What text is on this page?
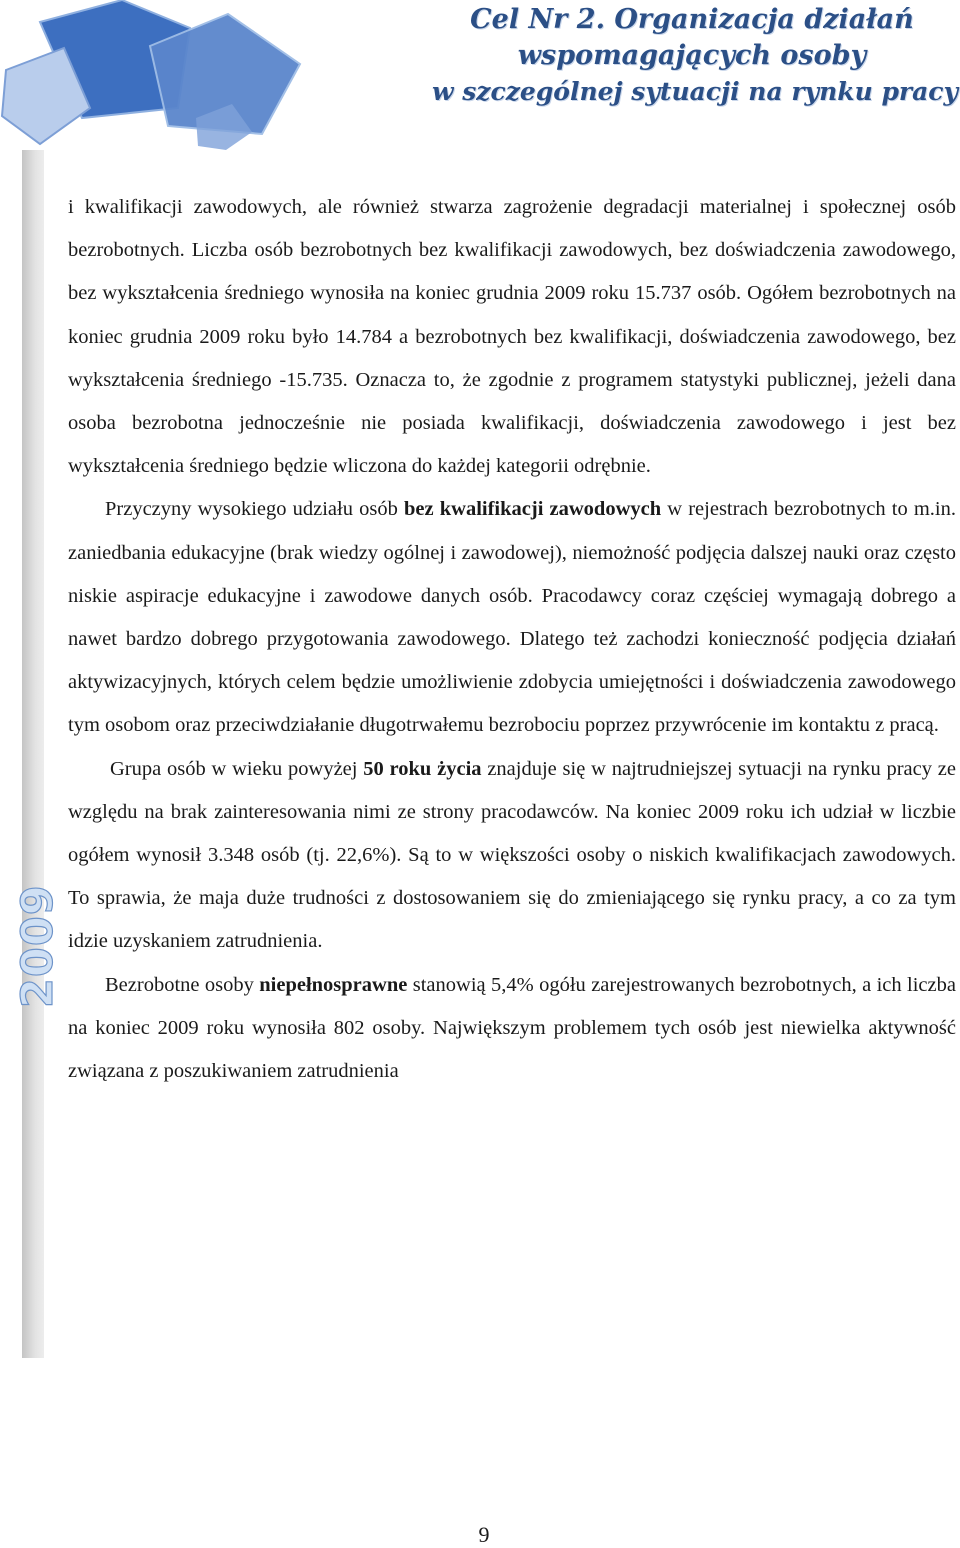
Cel Nr 2. Organizacja działań
wspomagających osoby
w szczególnej sytuacji na rynku pracy
2009

i kwalifikacji zawodowych, ale również stwarza zagrożenie degradacji materialnej i społecznej osób bezrobotnych. Liczba osób bezrobotnych bez kwalifikacji zawodowych, bez doświadczenia zawodowego, bez wykształcenia średniego wynosiła na koniec grudnia 2009 roku 15.737 osób. Ogółem bezrobotnych na koniec grudnia 2009 roku było 14.784 a bezrobotnych bez kwalifikacji, doświadczenia zawodowego, bez wykształcenia średniego -15.735. Oznacza to, że zgodnie z programem statystyki publicznej, jeżeli dana osoba bezrobotna jednocześnie nie posiada kwalifikacji, doświadczenia zawodowego i jest bez wykształcenia średniego będzie wliczona do każdej kategorii odrębnie.

Przyczyny wysokiego udziału osób bez kwalifikacji zawodowych w rejestrach bezrobotnych to m.in. zaniedbania edukacyjne (brak wiedzy ogólnej i zawodowej), niemożność podjęcia dalszej nauki oraz często niskie aspiracje edukacyjne i zawodowe danych osób. Pracodawcy coraz częściej wymagają dobrego a nawet bardzo dobrego przygotowania zawodowego. Dlatego też zachodzi konieczność podjęcia działań aktywizacyjnych, których celem będzie umożliwienie zdobycia umiejętności i doświadczenia zawodowego tym osobom oraz przeciwdziałanie długotrwałemu bezrobociu poprzez przywrócenie im kontaktu z pracą.

Grupa osób w wieku powyżej 50 roku życia znajduje się w najtrudniejszej sytuacji na rynku pracy ze względu na brak zainteresowania nimi ze strony pracodawców. Na koniec 2009 roku ich udział w liczbie ogółem wynosił 3.348 osób (tj. 22,6%). Są to w większości osoby o niskich kwalifikacjach zawodowych. To sprawia, że maja duże trudności z dostosowaniem się do zmieniającego się rynku pracy, a co za tym idzie uzyskaniem zatrudnienia.

Bezrobotne osoby niepełnosprawne stanowią 5,4% ogółu zarejestrowanych bezrobotnych, a ich liczba na koniec 2009 roku wynosiła 802 osoby. Największym problemem tych osób jest niewielka aktywność związana z poszukiwaniem zatrudnienia

9
